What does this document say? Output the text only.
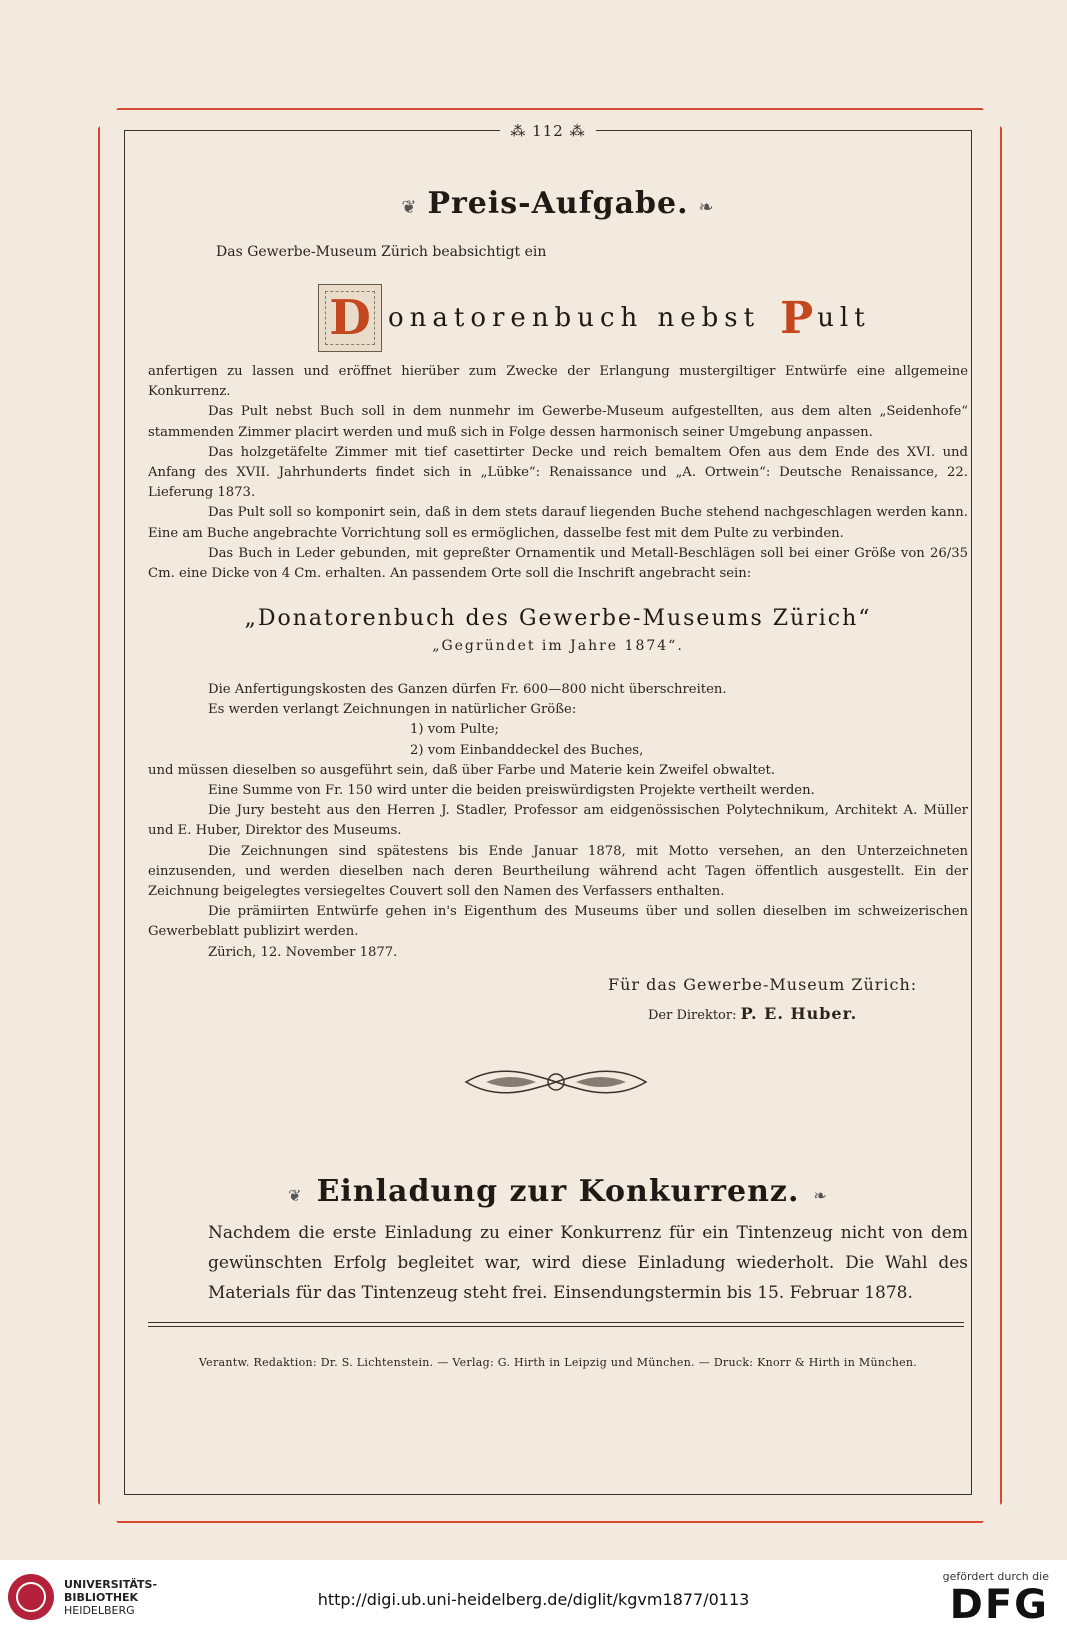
⁂ 112 ⁂
❦ Preis-Aufgabe. ❧
Das Gewerbe-Museum Zürich beabsichtigt ein
D onatorenbuch nebst P ult

anfertigen zu lassen und eröffnet hierüber zum Zwecke der Erlangung mustergiltiger Entwürfe eine allgemeine Konkurrenz.

Das Pult nebst Buch soll in dem nunmehr im Gewerbe-Museum aufgestellten, aus dem alten „Seidenhofe“ stammenden Zimmer placirt werden und muß sich in Folge dessen harmonisch seiner Umgebung anpassen.

Das holzgetäfelte Zimmer mit tief casettirter Decke und reich bemaltem Ofen aus dem Ende des XVI. und Anfang des XVII. Jahrhunderts findet sich in „Lübke“: Renaissance und „A. Ortwein“: Deutsche Renaissance, 22. Lieferung 1873.

Das Pult soll so komponirt sein, daß in dem stets darauf liegenden Buche stehend nachgeschlagen werden kann. Eine am Buche angebrachte Vorrichtung soll es ermöglichen, dasselbe fest mit dem Pulte zu verbinden.

Das Buch in Leder gebunden, mit gepreßter Ornamentik und Metall-Beschlägen soll bei einer Größe von 26/35 Cm. eine Dicke von 4 Cm. erhalten. An passendem Orte soll die Inschrift angebracht sein:

„Donatorenbuch des Gewerbe-Museums Zürich“
„Gegründet im Jahre 1874“.

Die Anfertigungskosten des Ganzen dürfen Fr. 600—800 nicht überschreiten.

Es werden verlangt Zeichnungen in natürlicher Größe:

1) vom Pulte;

2) vom Einbanddeckel des Buches,

und müssen dieselben so ausgeführt sein, daß über Farbe und Materie kein Zweifel obwaltet.

Eine Summe von Fr. 150 wird unter die beiden preiswürdigsten Projekte vertheilt werden.

Die Jury besteht aus den Herren J. Stadler, Professor am eidgenössischen Polytechnikum, Architekt A. Müller und E. Huber, Direktor des Museums.

Die Zeichnungen sind spätestens bis Ende Januar 1878, mit Motto versehen, an den Unterzeichneten einzusenden, und werden dieselben nach deren Beurtheilung während acht Tagen öffentlich ausgestellt. Ein der Zeichnung beigelegtes versiegeltes Couvert soll den Namen des Verfassers enthalten.

Die prämiirten Entwürfe gehen in's Eigenthum des Museums über und sollen dieselben im schweizerischen Gewerbeblatt publizirt werden.

Zürich, 12. November 1877.

Für das Gewerbe-Museum Zürich:
Der Direktor: P. E. Huber.
❦ Einladung zur Konkurrenz. ❧

Nachdem die erste Einladung zu einer Konkurrenz für ein Tintenzeug nicht von dem gewünschten Erfolg begleitet war, wird diese Einladung wiederholt. Die Wahl des Materials für das Tintenzeug steht frei. Einsendungstermin bis 15. Februar 1878.

Verantw. Redaktion: Dr. S. Lichtenstein. — Verlag: G. Hirth in Leipzig und München. — Druck: Knorr & Hirth in München.
UNIVERSITÄTS-
BIBLIOTHEK
HEIDELBERG
http://digi.ub.uni-heidelberg.de/diglit/kgvm1877/0113
gefördert durch die
DFG
